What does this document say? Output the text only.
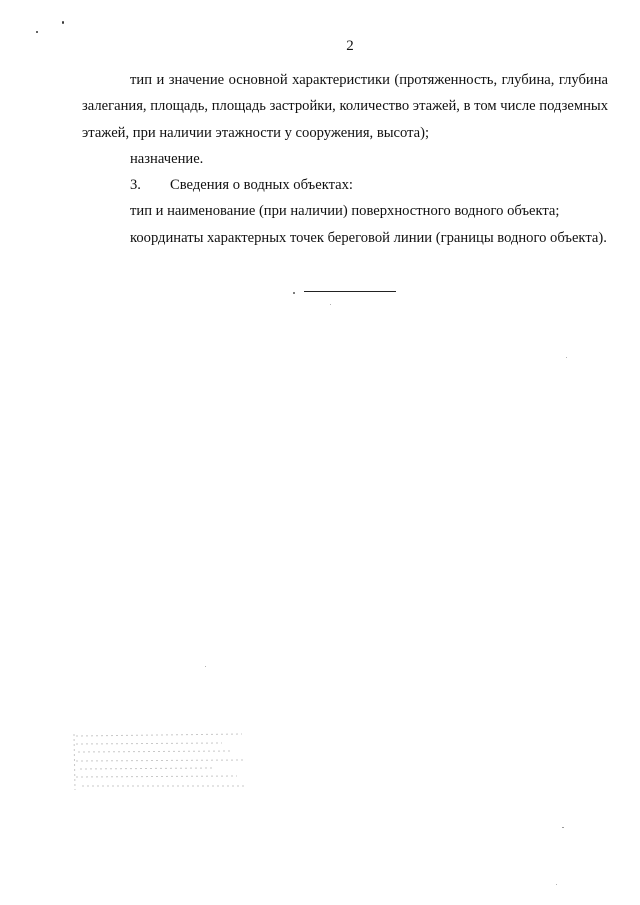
2

тип и значение основной характеристики (протяженность, глубина, глубина залегания, площадь, площадь застройки, количество этажей, в том числе подземных этажей, при наличии этажности у сооружения, высота);

назначение.

3. Сведения о водных объектах:

тип и наименование (при наличии) поверхностного водного объекта;

координаты характерных точек береговой линии (границы водного объекта).
